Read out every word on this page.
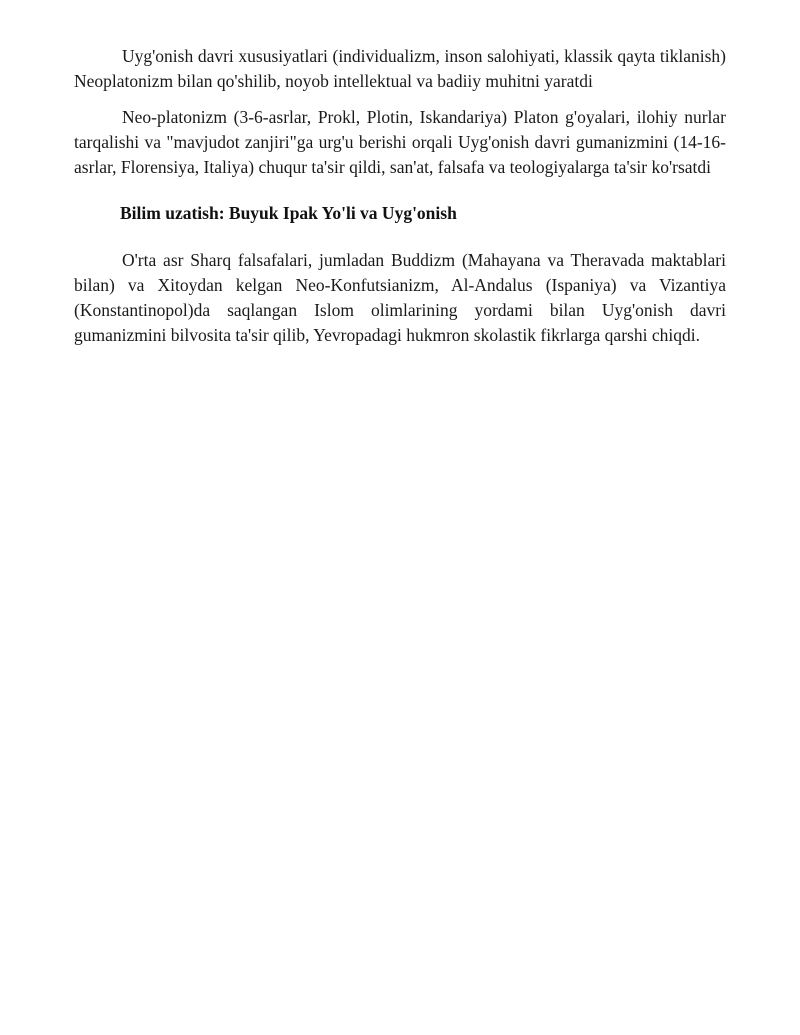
Uyg'onish davri xususiyatlari (individualizm, inson salohiyati, klassik qayta tiklanish) Neoplatonizm bilan qo'shilib, noyob intellektual va badiiy muhitni yaratdi

Neo-platonizm (3-6-asrlar, Prokl, Plotin, Iskandariya) Platon g'oyalari, ilohiy nurlar tarqalishi va "mavjudot zanjiri"ga urg'u berishi orqali Uyg'onish davri gumanizmini (14-16-asrlar, Florensiya, Italiya) chuqur ta'sir qildi, san'at, falsafa va teologiyalarga ta'sir ko'rsatdi

Bilim uzatish: Buyuk Ipak Yo'li va Uyg'onish

O'rta asr Sharq falsafalari, jumladan Buddizm (Mahayana va Theravada maktablari bilan) va Xitoydan kelgan Neo-Konfutsianizm, Al-Andalus (Ispaniya) va Vizantiya (Konstantinopol)da saqlangan Islom olimlarining yordami bilan Uyg'onish davri gumanizmini bilvosita ta'sir qilib, Yevropadagi hukmron skolastik fikrlarga qarshi chiqdi.
